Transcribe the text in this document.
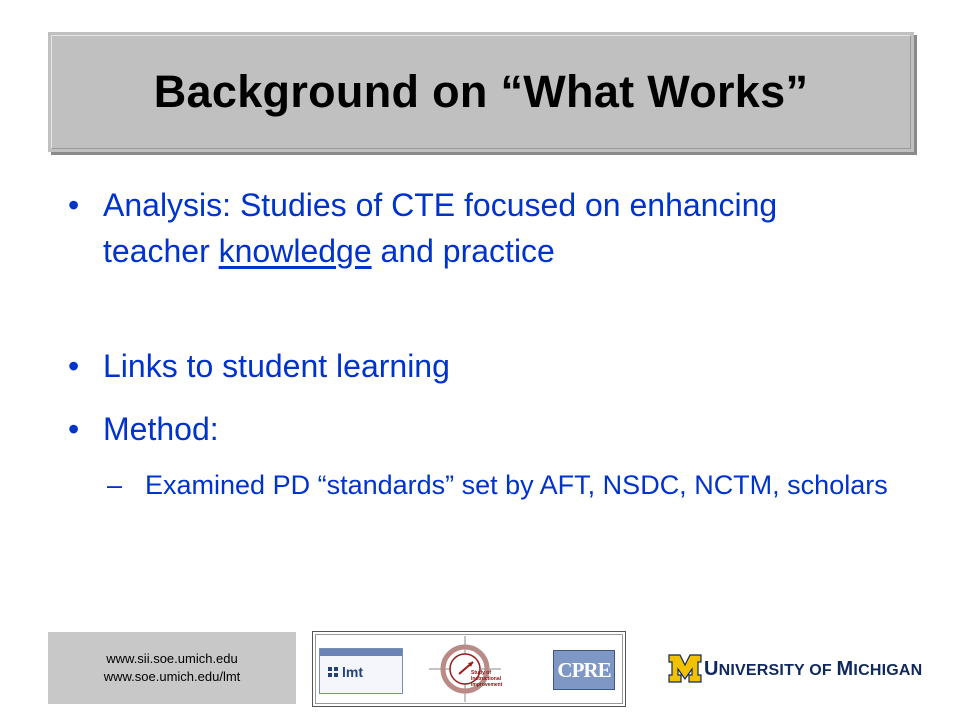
Background on “What Works”
• Analysis: Studies of CTE focused on enhancing teacher knowledge and practice
• Links to student learning
• Method:
– Examined PD “standards” set by AFT, NSDC, NCTM, scholars
www.sii.soe.umich.edu
www.soe.umich.edu/lmt	lmt	Study of Instructional Improvement
CPRE	UNIVERSITY OF MICHIGAN
